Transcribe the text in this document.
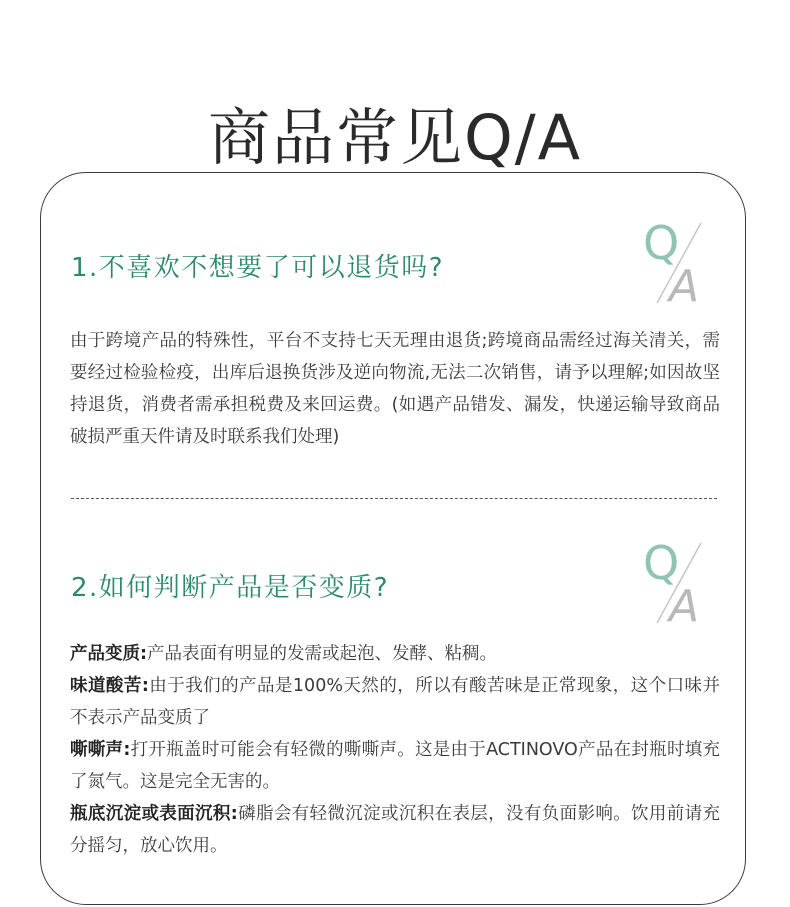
商品常见Q/A
Q
A
1.不喜欢不想要了可以退货吗?

由于跨境产品的特殊性，平台不支持七天无理由退货;跨境商品需经过海关清关，需要经过检验检疫，出库后退换货涉及逆向物流,无法二次销售，请予以理解;如因故坚持退货，消费者需承担税费及来回运费。(如遇产品错发、漏发，快递运输导致商品破损严重天件请及时联系我们处理)

Q
A
2.如何判断产品是否变质?
产品变质:产品表面有明显的发需或起泡、发酵、粘稠。
味道酸苦:由于我们的产品是100%天然的，所以有酸苦味是正常现象，这个口味并不表示产品变质了
嘶嘶声:打开瓶盖时可能会有轻微的嘶嘶声。这是由于ACTINOVO产品在封瓶时填充了氮气。这是完全无害的。
瓶底沉淀或表面沉积:磷脂会有轻微沉淀或沉积在表层，没有负面影响。饮用前请充分摇匀，放心饮用。
